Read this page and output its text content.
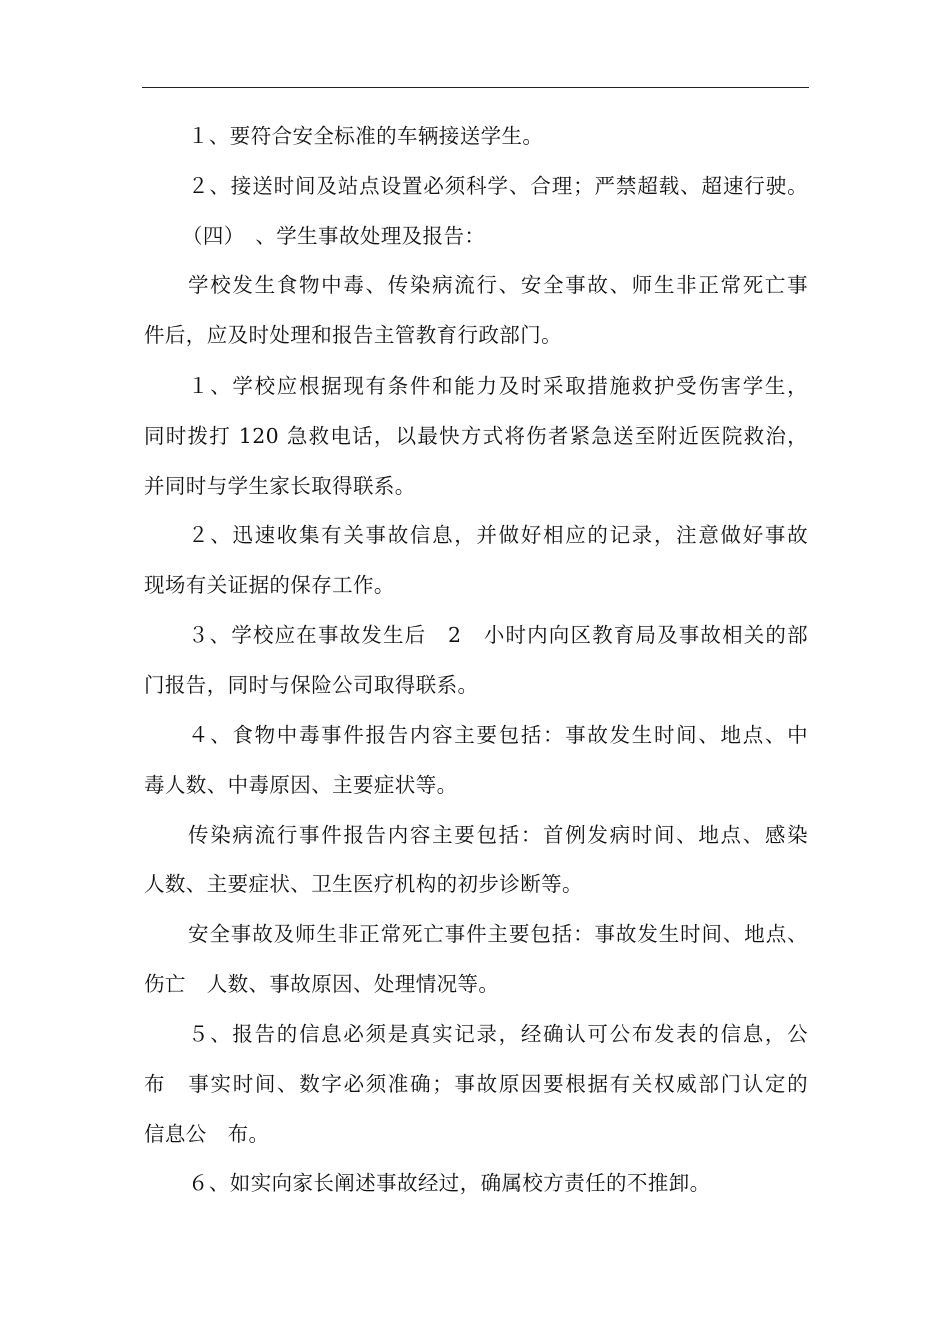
１、要符合安全标准的车辆接送学生。
２、接送时间及站点设置必须科学、合理；严禁超载、超速行驶。
（四）　、学生事故处理及报告：
学校发生食物中毒、传染病流行、安全事故、师生非正常死亡事
件后，应及时处理和报告主管教育行政部门。
１、学校应根据现有条件和能力及时采取措施救护受伤害学生，
同时拨打 120 急救电话，以最快方式将伤者紧急送至附近医院救治，
并同时与学生家长取得联系。
２、迅速收集有关事故信息，并做好相应的记录，注意做好事故
现场有关证据的保存工作。
３、学校应在事故发生后　2　小时内向区教育局及事故相关的部
门报告，同时与保险公司取得联系。
４、食物中毒事件报告内容主要包括：事故发生时间、地点、中
毒人数、中毒原因、主要症状等。
传染病流行事件报告内容主要包括：首例发病时间、地点、感染
人数、主要症状、卫生医疗机构的初步诊断等。
安全事故及师生非正常死亡事件主要包括：事故发生时间、地点、
伤亡　人数、事故原因、处理情况等。
５、报告的信息必须是真实记录，经确认可公布发表的信息，公
布　事实时间、数字必须准确；事故原因要根据有关权威部门认定的
信息公　布。
６、如实向家长阐述事故经过，确属校方责任的不推卸。
